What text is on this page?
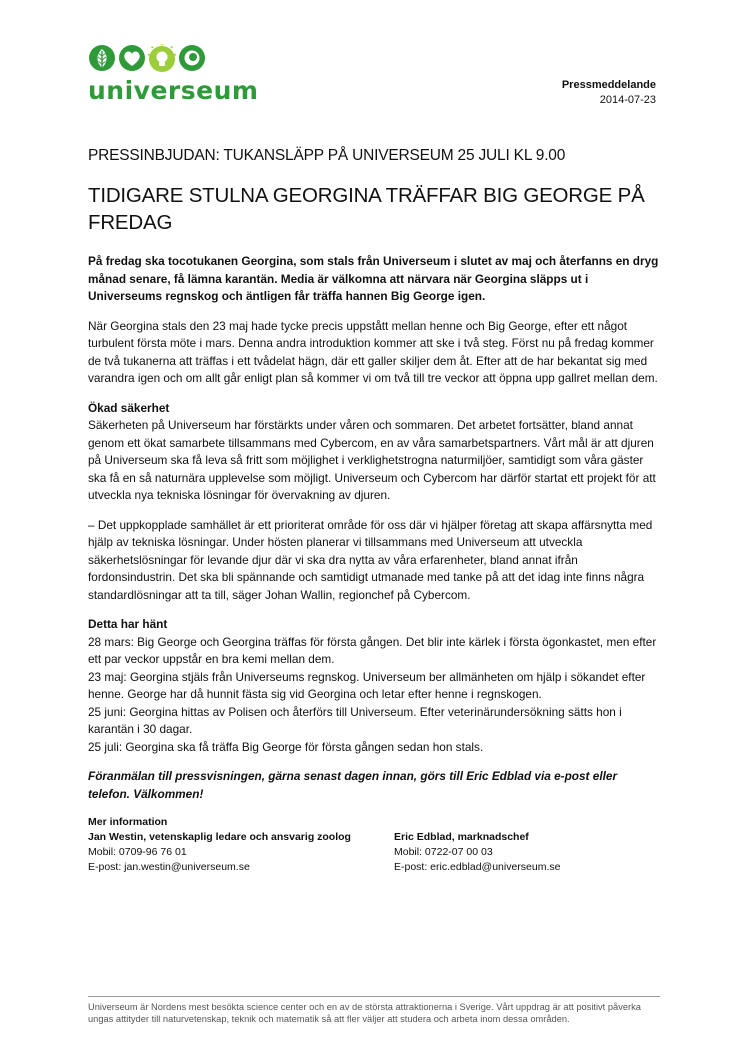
universeum	Pressmeddelande
2014-07-23
PRESSINBJUDAN: TUKANSLÄPP PÅ UNIVERSEUM 25 JULI KL 9.00
TIDIGARE STULNA GEORGINA TRÄFFAR BIG GEORGE PÅ FREDAG

På fredag ska tocotukanen Georgina, som stals från Universeum i slutet av maj och återfanns en dryg månad senare, få lämna karantän. Media är välkomna att närvara när Georgina släpps ut i Universeums regnskog och äntligen får träffa hannen Big George igen.

När Georgina stals den 23 maj hade tycke precis uppstått mellan henne och Big George, efter ett något turbulent första möte i mars. Denna andra introduktion kommer att ske i två steg. Först nu på fredag kommer de två tukanerna att träffas i ett tvådelat hägn, där ett galler skiljer dem åt. Efter att de har bekantat sig med varandra igen och om allt går enligt plan så kommer vi om två till tre veckor att öppna upp gallret mellan dem.

Ökad säkerhet

Säkerheten på Universeum har förstärkts under våren och sommaren. Det arbetet fortsätter, bland annat genom ett ökat samarbete tillsammans med Cybercom, en av våra samarbetspartners. Vårt mål är att djuren på Universeum ska få leva så fritt som möjlighet i verklighetstrogna naturmiljöer, samtidigt som våra gäster ska få en så naturnära upplevelse som möjligt. Universeum och Cybercom har därför startat ett projekt för att utveckla nya tekniska lösningar för övervakning av djuren.

– Det uppkopplade samhället är ett prioriterat område för oss där vi hjälper företag att skapa affärsnytta med hjälp av tekniska lösningar. Under hösten planerar vi tillsammans med Universeum att utveckla säkerhetslösningar för levande djur där vi ska dra nytta av våra erfarenheter, bland annat ifrån fordonsindustrin. Det ska bli spännande och samtidigt utmanade med tanke på att det idag inte finns några standardlösningar att ta till, säger Johan Wallin, regionchef på Cybercom.

Detta har hänt

28 mars: Big George och Georgina träffas för första gången. Det blir inte kärlek i första ögonkastet, men efter ett par veckor uppstår en bra kemi mellan dem.

23 maj: Georgina stjäls från Universeums regnskog. Universeum ber allmänheten om hjälp i sökandet efter henne. George har då hunnit fästa sig vid Georgina och letar efter henne i regnskogen.

25 juni: Georgina hittas av Polisen och återförs till Universeum. Efter veterinärundersökning sätts hon i karantän i 30 dagar.

25 juli: Georgina ska få träffa Big George för första gången sedan hon stals.

Föranmälan till pressvisningen, gärna senast dagen innan, görs till Eric Edblad via e-post eller telefon. Välkommen!

Mer information
Jan Westin, vetenskaplig ledare och ansvarig zoolog
Mobil: 0709-96 76 01
E-post: jan.westin@universeum.se
Eric Edblad, marknadschef
Mobil: 0722-07 00 03
E-post: eric.edblad@universeum.se
Universeum är Nordens mest besökta science center och en av de största attraktionerna i Sverige. Vårt uppdrag är att positivt påverka ungas attityder till naturvetenskap, teknik och matematik så att fler väljer att studera och arbeta inom dessa områden.
